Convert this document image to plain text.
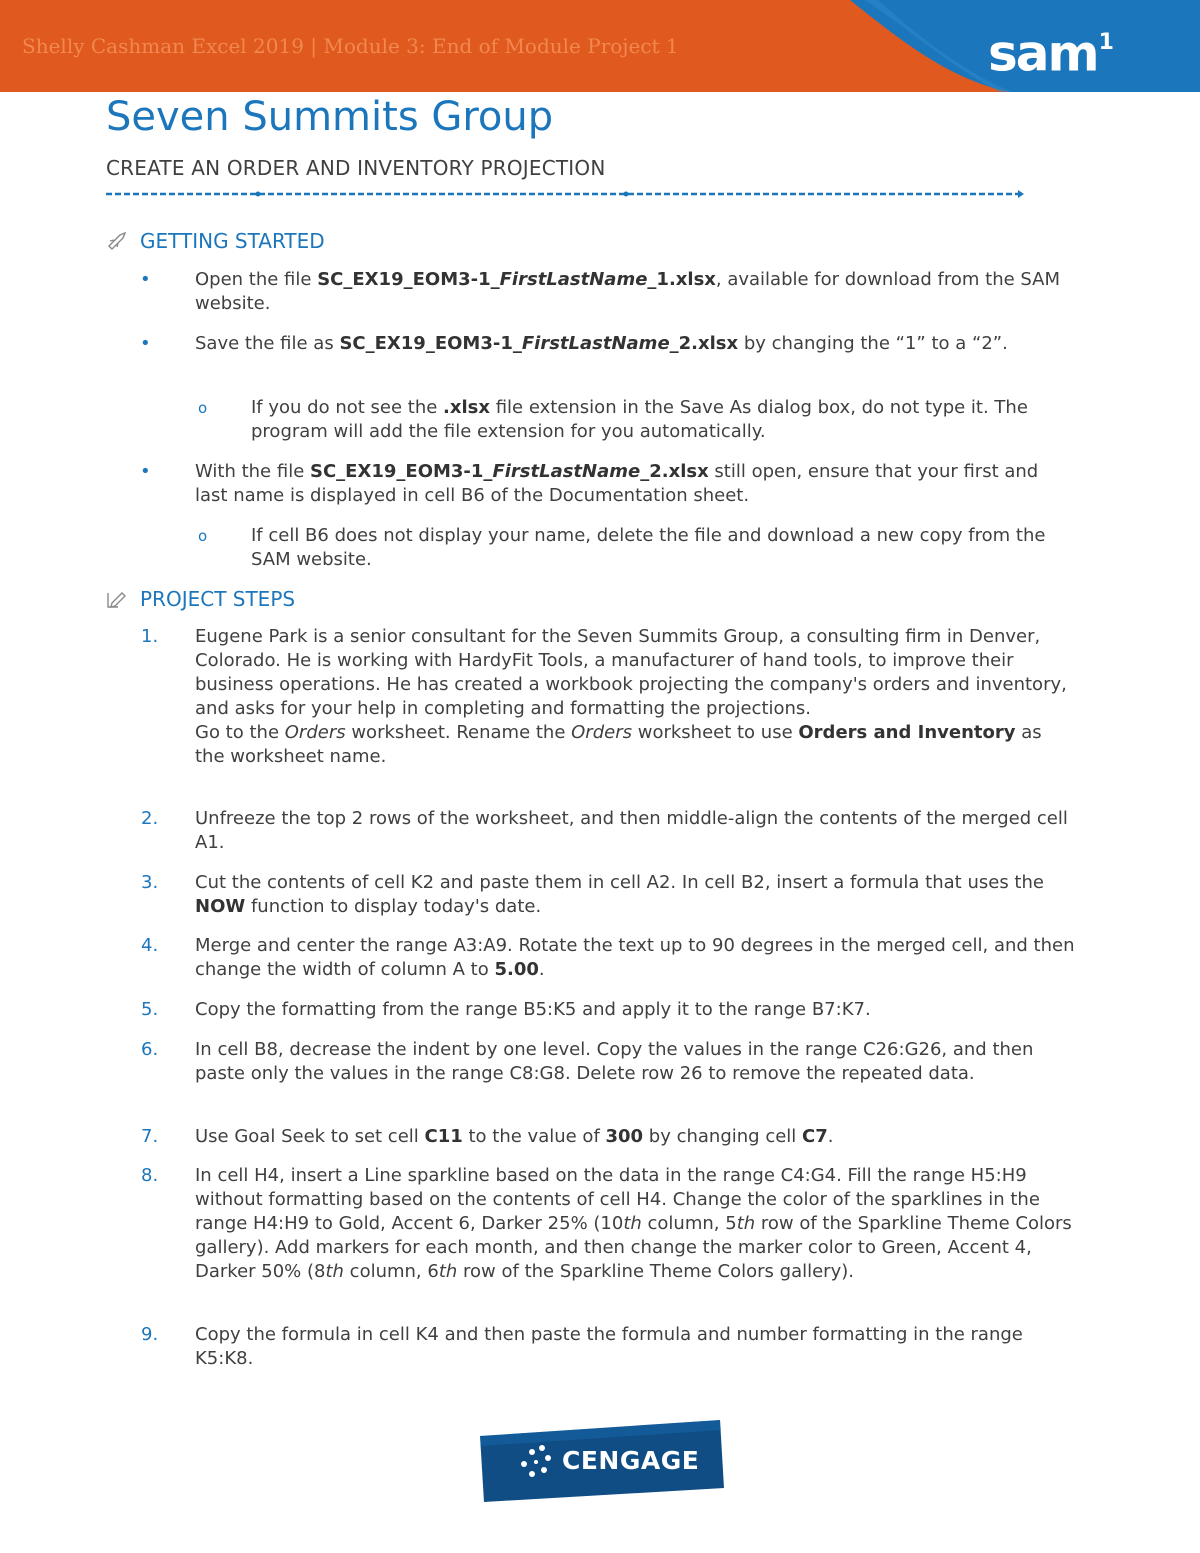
Shelly Cashman Excel 2019 | Module 3: End of Module Project 1	sam$^1$
Seven Summits Group
CREATE AN ORDER AND INVENTORY PROJECTION
GETTING STARTED
• Open the file SC_EX19_EOM3-1_FirstLastName_1.xlsx, available for download from the SAM website.
• Save the file as SC_EX19_EOM3-1_FirstLastName_2.xlsx by changing the “1” to a “2”.
o If you do not see the .xlsx file extension in the Save As dialog box, do not type it. The program will add the file extension for you automatically.
• With the file SC_EX19_EOM3-1_FirstLastName_2.xlsx still open, ensure that your first and last name is displayed in cell B6 of the Documentation sheet.
o If cell B6 does not display your name, delete the file and download a new copy from the SAM website.
PROJECT STEPS
1. Eugene Park is a senior consultant for the Seven Summits Group, a consulting firm in Denver, Colorado. He is working with HardyFit Tools, a manufacturer of hand tools, to improve their business operations. He has created a workbook projecting the company's orders and inventory, and asks for your help in completing and formatting the projections.
Go to the Orders worksheet. Rename the Orders worksheet to use Orders and Inventory as the worksheet name.
2. Unfreeze the top 2 rows of the worksheet, and then middle-align the contents of the merged cell A1.
3. Cut the contents of cell K2 and paste them in cell A2. In cell B2, insert a formula that uses the NOW function to display today's date.
4. Merge and center the range A3:A9. Rotate the text up to 90 degrees in the merged cell, and then change the width of column A to 5.00.
5. Copy the formatting from the range B5:K5 and apply it to the range B7:K7.
6. In cell B8, decrease the indent by one level. Copy the values in the range C26:G26, and then paste only the values in the range C8:G8. Delete row 26 to remove the repeated data.
7. Use Goal Seek to set cell C11 to the value of 300 by changing cell C7.
8. In cell H4, insert a Line sparkline based on the data in the range C4:G4. Fill the range H5:H9 without formatting based on the contents of cell H4. Change the color of the sparklines in the range H4:H9 to Gold, Accent 6, Darker 25% (10th column, 5th row of the Sparkline Theme Colors gallery). Add markers for each month, and then change the marker color to Green, Accent 4, Darker 50% (8th column, 6th row of the Sparkline Theme Colors gallery).
9. Copy the formula in cell K4 and then paste the formula and number formatting in the range K5:K8.
CENGAGE
